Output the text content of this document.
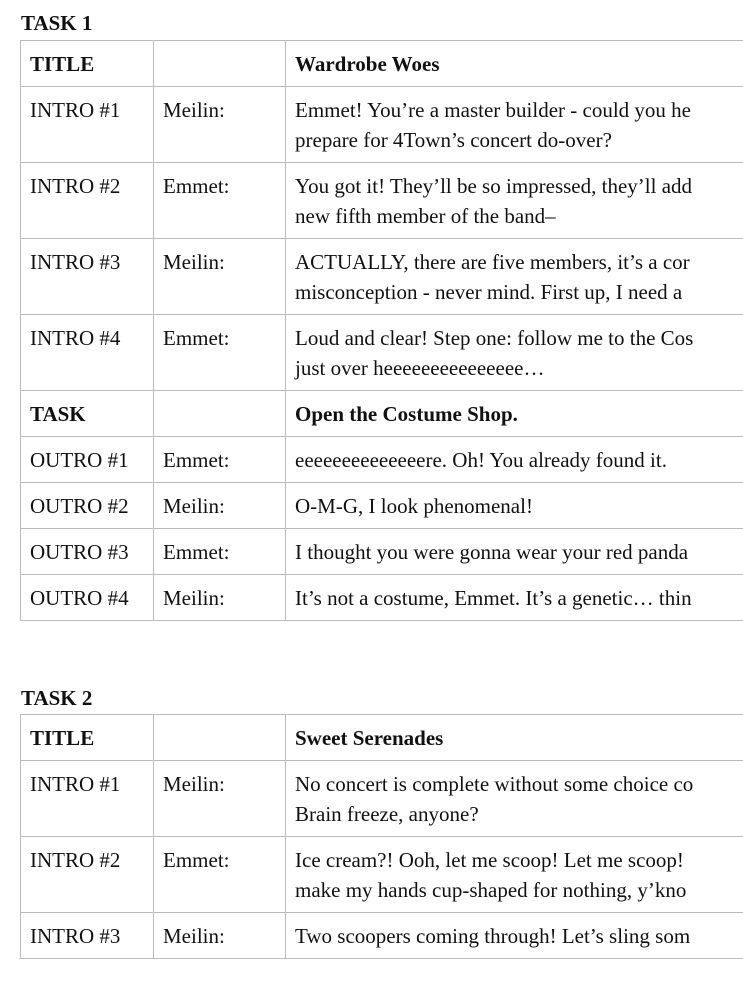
TASK 1
TITLE		Wardrobe Woes
INTRO #1	Meilin:	Emmet! You’re a master builder - could you he
prepare for 4Town’s concert do-over?

INTRO #2	Emmet:	You got it! They’ll be so impressed, they’ll add
new fifth member of the band–

INTRO #3	Meilin:	ACTUALLY, there are five members, it’s a cor
misconception - never mind. First up, I need a

INTRO #4	Emmet:	Loud and clear! Step one: follow me to the Cos
just over heeeeeeeeeeeeeee…

TASK		Open the Costume Shop.
OUTRO #1	Emmet:	eeeeeeeeeeeeeere. Oh! You already found it.

OUTRO #2	Meilin:	O-M-G, I look phenomenal!

OUTRO #3	Emmet:	I thought you were gonna wear your red panda

OUTRO #4	Meilin:	It’s not a costume, Emmet. It’s a genetic… thin
TASK 2
TITLE		Sweet Serenades
INTRO #1	Meilin:	No concert is complete without some choice co
Brain freeze, anyone?

INTRO #2	Emmet:	Ice cream?! Ooh, let me scoop! Let me scoop!
make my hands cup-shaped for nothing, y’kno

INTRO #3	Meilin:	Two scoopers coming through! Let’s sling som
